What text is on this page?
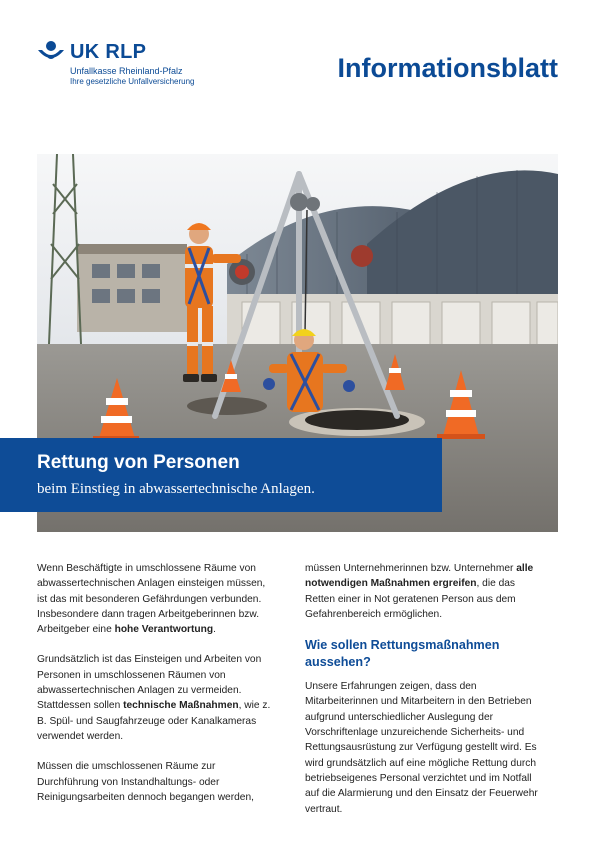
UK RLP
Unfallkasse Rheinland-Pfalz
Ihre gesetzliche Unfallversicherung	Informationsblatt
Rettung von Personen
beim Einstieg in abwassertechnische Anlagen.

Wenn Beschäftigte in umschlossene Räume von abwassertechnischen Anlagen einsteigen müssen, ist das mit besonderen Gefährdungen verbunden. Insbesondere dann tragen Arbeitgeberinnen bzw. Arbeitgeber eine hohe Verantwortung.

Grundsätzlich ist das Einsteigen und Arbeiten von Personen in umschlossenen Räumen von abwassertechnischen Anlagen zu vermeiden. Stattdessen sollen technische Maßnahmen, wie z. B. Spül- und Saugfahrzeuge oder Kanalkameras verwendet werden.

Müssen die umschlossenen Räume zur Durchführung von Instandhaltungs- oder Reinigungsarbeiten dennoch begangen werden,

müssen Unternehmerinnen bzw. Unternehmer alle notwendigen Maßnahmen ergreifen, die das Retten einer in Not geratenen Person aus dem Gefahrenbereich ermöglichen.

Wie sollen Rettungsmaßnahmen aussehen?

Unsere Erfahrungen zeigen, dass den Mitarbeiterinnen und Mitarbeitern in den Betrieben aufgrund unterschiedlicher Auslegung der Vorschriftenlage unzureichende Sicherheits- und Rettungsausrüstung zur Verfügung gestellt wird. Es wird grundsätzlich auf eine mögliche Rettung durch betriebseigenes Personal verzichtet und im Notfall auf die Alarmierung und den Einsatz der Feuerwehr vertraut.
